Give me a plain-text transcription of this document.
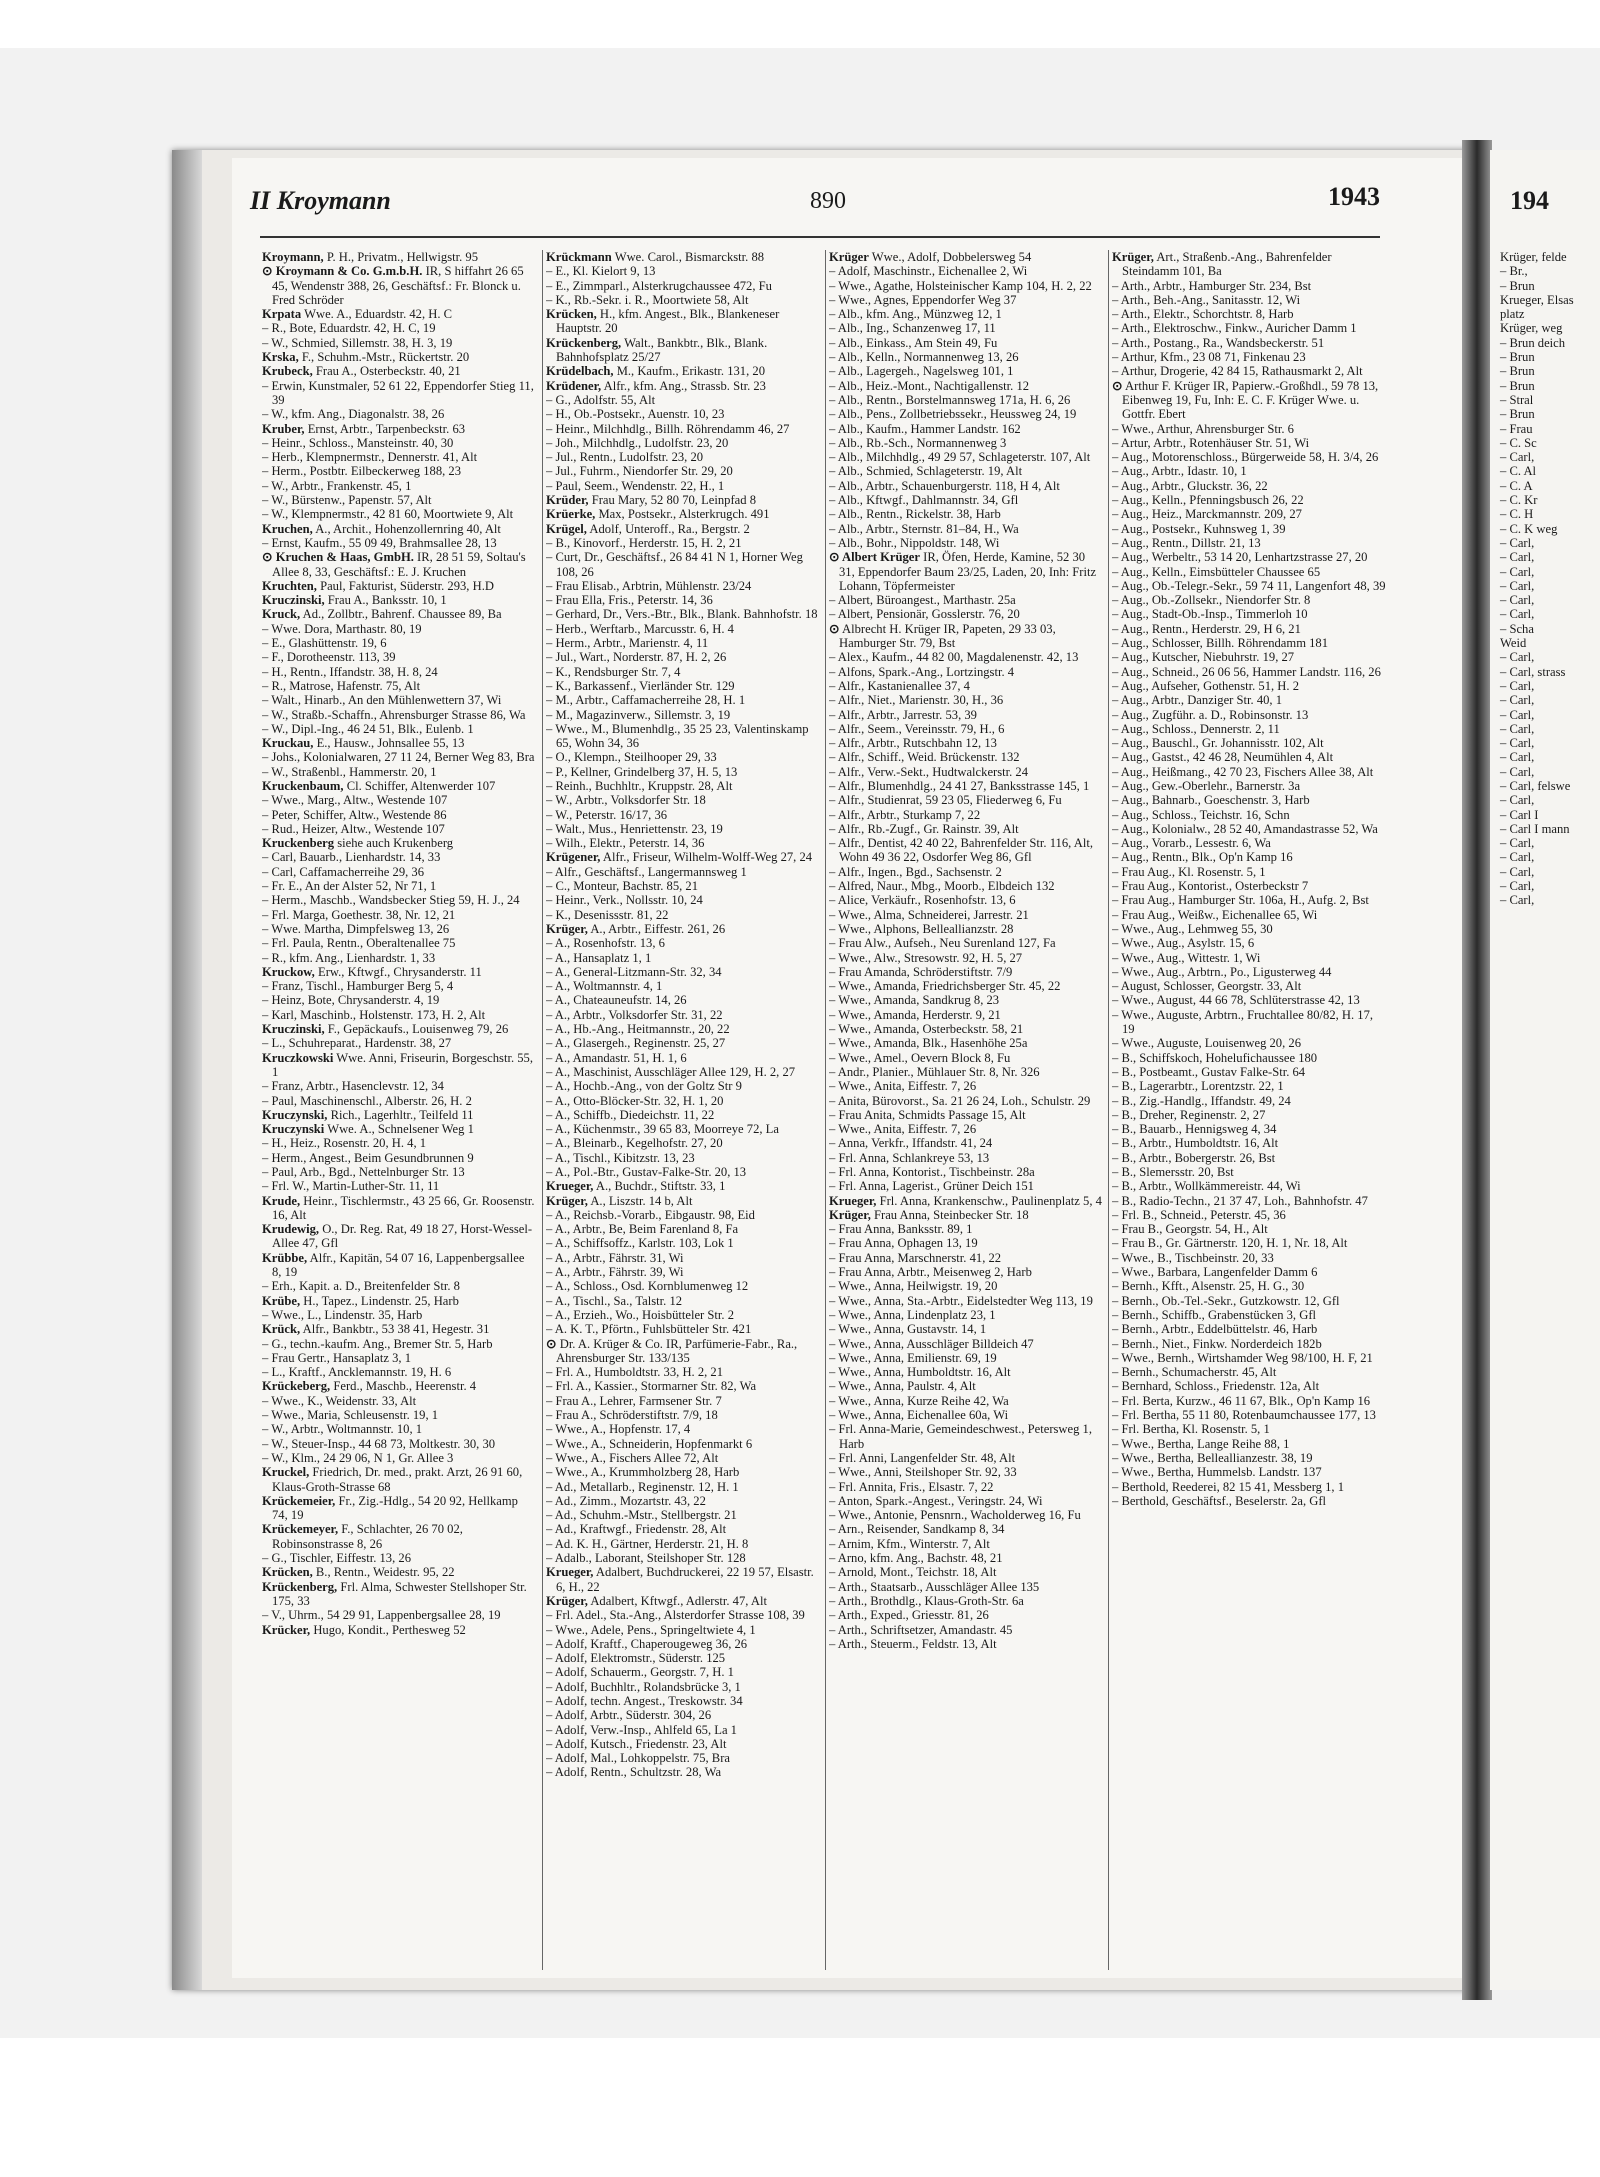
194
Krüger, felde
– Br.,
– Brun
Krueger, Elsas
platz
Krüger, weg
– Brun deich
– Brun
– Brun
– Brun
– Stral
– Brun
– Frau
– C. Sc
– Carl,
– C. Al
– C. A
– C. Kr
– C. H
– C. K weg
– Carl,
– Carl,
– Carl,
– Carl,
– Carl,
– Carl,
– Scha
Weid
– Carl,
– Carl, strass
– Carl,
– Carl,
– Carl,
– Carl,
– Carl,
– Carl,
– Carl,
– Carl, felswe
– Carl,
– Carl I
– Carl I mann
– Carl,
– Carl,
– Carl,
– Carl,
– Carl,
II Kroymann	890	1943

Kroymann, P. H., Privatm., Hellwigstr. 95

⊙ Kroymann & Co. G.m.b.H. IR, S hiffahrt 26 65 45, Wendenstr 388, 26, Geschäftsf.: Fr. Blonck u. Fred Schröder

Krpata Wwe. A., Eduardstr. 42, H. C

– R., Bote, Eduardstr. 42, H. C, 19

– W., Schmied, Sillemstr. 38, H. 3, 19

Krska, F., Schuhm.-Mstr., Rückertstr. 20

Krubeck, Frau A., Osterbeckstr. 40, 21

– Erwin, Kunstmaler, 52 61 22, Eppendorfer Stieg 11, 39

– W., kfm. Ang., Diagonalstr. 38, 26

Kruber, Ernst, Arbtr., Tarpenbeckstr. 63

– Heinr., Schloss., Mansteinstr. 40, 30

– Herb., Klempnermstr., Dennerstr. 41, Alt

– Herm., Postbtr. Eilbeckerweg 188, 23

– W., Arbtr., Frankenstr. 45, 1

– W., Bürstenw., Papenstr. 57, Alt

– W., Klempnermstr., 42 81 60, Moortwiete 9, Alt

Kruchen, A., Archit., Hohenzollernring 40, Alt

– Ernst, Kaufm., 55 09 49, Brahmsallee 28, 13

⊙ Kruchen & Haas, GmbH. IR, 28 51 59, Soltau's Allee 8, 33, Geschäftsf.: E. J. Kruchen

Kruchten, Paul, Fakturist, Süderstr. 293, H.D

Kruczinski, Frau A., Banksstr. 10, 1

Kruck, Ad., Zollbtr., Bahrenf. Chaussee 89, Ba

– Wwe. Dora, Marthastr. 80, 19

– E., Glashüttenstr. 19, 6

– F., Dorotheenstr. 113, 39

– H., Rentn., Iffandstr. 38, H. 8, 24

– R., Matrose, Hafenstr. 75, Alt

– Walt., Hinarb., An den Mühlenwettern 37, Wi

– W., Straßb.-Schaffn., Ahrensburger Strasse 86, Wa

– W., Dipl.-Ing., 46 24 51, Blk., Eulenb. 1

Kruckau, E., Hausw., Johnsallee 55, 13

– Johs., Kolonialwaren, 27 11 24, Berner Weg 83, Bra

– W., Straßenbl., Hammerstr. 20, 1

Kruckenbaum, Cl. Schiffer, Altenwerder 107

– Wwe., Marg., Altw., Westende 107

– Peter, Schiffer, Altw., Westende 86

– Rud., Heizer, Altw., Westende 107

Kruckenberg siehe auch Krukenberg

– Carl, Bauarb., Lienhardstr. 14, 33

– Carl, Caffamacherreihe 29, 36

– Fr. E., An der Alster 52, Nr 71, 1

– Herm., Maschb., Wandsbecker Stieg 59, H. J., 24

– Frl. Marga, Goethestr. 38, Nr. 12, 21

– Wwe. Martha, Dimpfelsweg 13, 26

– Frl. Paula, Rentn., Oberaltenallee 75

– R., kfm. Ang., Lienhardstr. 1, 33

Kruckow, Erw., Kftwgf., Chrysanderstr. 11

– Franz, Tischl., Hamburger Berg 5, 4

– Heinz, Bote, Chrysanderstr. 4, 19

– Karl, Maschinb., Holstenstr. 173, H. 2, Alt

Kruczinski, F., Gepäckaufs., Louisenweg 79, 26

– L., Schuhreparat., Hardenstr. 38, 27

Kruczkowski Wwe. Anni, Friseurin, Borgeschstr. 55, 1

– Franz, Arbtr., Hasenclevstr. 12, 34

– Paul, Maschinenschl., Alberstr. 26, H. 2

Kruczynski, Rich., Lagerhltr., Teilfeld 11

Kruczynski Wwe. A., Schnelsener Weg 1

– H., Heiz., Rosenstr. 20, H. 4, 1

– Herm., Angest., Beim Gesundbrunnen 9

– Paul, Arb., Bgd., Nettelnburger Str. 13

– Frl. W., Martin-Luther-Str. 11, 11

Krude, Heinr., Tischlermstr., 43 25 66, Gr. Roosenstr. 16, Alt

Krudewig, O., Dr. Reg. Rat, 49 18 27, Horst-Wessel-Allee 47, Gfl

Krübbe, Alfr., Kapitän, 54 07 16, Lappenbergsallee 8, 19

– Erh., Kapit. a. D., Breitenfelder Str. 8

Krübe, H., Tapez., Lindenstr. 25, Harb

– Wwe., L., Lindenstr. 35, Harb

Krück, Alfr., Bankbtr., 53 38 41, Hegestr. 31

– G., techn.-kaufm. Ang., Bremer Str. 5, Harb

– Frau Gertr., Hansaplatz 3, 1

– L., Kraftf., Ancklemannstr. 19, H. 6

Krückeberg, Ferd., Maschb., Heerenstr. 4

– Wwe., K., Weidenstr. 33, Alt

– Wwe., Maria, Schleusenstr. 19, 1

– W., Arbtr., Woltmannstr. 10, 1

– W., Steuer-Insp., 44 68 73, Moltkestr. 30, 30

– W., Klm., 24 29 06, N 1, Gr. Allee 3

Kruckel, Friedrich, Dr. med., prakt. Arzt, 26 91 60, Klaus-Groth-Strasse 68

Krückemeier, Fr., Zig.-Hdlg., 54 20 92, Hellkamp 74, 19

Krückemeyer, F., Schlachter, 26 70 02, Robinsonstrasse 8, 26

– G., Tischler, Eiffestr. 13, 26

Krücken, B., Rentn., Weidestr. 95, 22

Krückenberg, Frl. Alma, Schwester Stellshoper Str. 175, 33

– V., Uhrm., 54 29 91, Lappenbergsallee 28, 19

Krücker, Hugo, Kondit., Perthesweg 52

Krückmann Wwe. Carol., Bismarckstr. 88

– E., Kl. Kielort 9, 13

– E., Zimmparl., Alsterkrugchaussee 472, Fu

– K., Rb.-Sekr. i. R., Moortwiete 58, Alt

Krücken, H., kfm. Angest., Blk., Blankeneser Hauptstr. 20

Krückenberg, Walt., Bankbtr., Blk., Blank. Bahnhofsplatz 25/27

Krüdelbach, M., Kaufm., Erikastr. 131, 20

Krüdener, Alfr., kfm. Ang., Strassb. Str. 23

– G., Adolfstr. 55, Alt

– H., Ob.-Postsekr., Auenstr. 10, 23

– Heinr., Milchhdlg., Billh. Röhrendamm 46, 27

– Joh., Milchhdlg., Ludolfstr. 23, 20

– Jul., Rentn., Ludolfstr. 23, 20

– Jul., Fuhrm., Niendorfer Str. 29, 20

– Paul, Seem., Wendenstr. 22, H., 1

Krüder, Frau Mary, 52 80 70, Leinpfad 8

Krüerke, Max, Postsekr., Alsterkrugch. 491

Krügel, Adolf, Unteroff., Ra., Bergstr. 2

– B., Kinovorf., Herderstr. 15, H. 2, 21

– Curt, Dr., Geschäftsf., 26 84 41 N 1, Horner Weg 108, 26

– Frau Elisab., Arbtrin, Mühlenstr. 23/24

– Frau Ella, Fris., Peterstr. 14, 36

– Gerhard, Dr., Vers.-Btr., Blk., Blank. Bahnhofstr. 18

– Herb., Werftarb., Marcusstr. 6, H. 4

– Herm., Arbtr., Marienstr. 4, 11

– Jul., Wart., Norderstr. 87, H. 2, 26

– K., Rendsburger Str. 7, 4

– K., Barkassenf., Vierländer Str. 129

– M., Arbtr., Caffamacherreihe 28, H. 1

– M., Magazinverw., Sillemstr. 3, 19

– Wwe., M., Blumenhdlg., 35 25 23, Valentinskamp 65, Wohn 34, 36

– O., Klempn., Steilhooper 29, 33

– P., Kellner, Grindelberg 37, H. 5, 13

– Reinh., Buchhltr., Kruppstr. 28, Alt

– W., Arbtr., Volksdorfer Str. 18

– W., Peterstr. 16/17, 36

– Walt., Mus., Henriettenstr. 23, 19

– Wilh., Elektr., Peterstr. 14, 36

Krügener, Alfr., Friseur, Wilhelm-Wolff-Weg 27, 24

– Alfr., Geschäftsf., Langermannsweg 1

– C., Monteur, Bachstr. 85, 21

– Heinr., Verk., Nollsstr. 10, 24

– K., Desenissstr. 81, 22

Krüger, A., Arbtr., Eiffestr. 261, 26

– A., Rosenhofstr. 13, 6

– A., Hansaplatz 1, 1

– A., General-Litzmann-Str. 32, 34

– A., Woltmannstr. 4, 1

– A., Chateauneufstr. 14, 26

– A., Arbtr., Volksdorfer Str. 31, 22

– A., Hb.-Ang., Heitmannstr., 20, 22

– A., Glasergeh., Reginenstr. 25, 27

– A., Amandastr. 51, H. 1, 6

– A., Maschinist, Ausschläger Allee 129, H. 2, 27

– A., Hochb.-Ang., von der Goltz Str 9

– A., Otto-Blöcker-Str. 32, H. 1, 20

– A., Schiffb., Diedeichstr. 11, 22

– A., Küchenmstr., 39 65 83, Moorreye 72, La

– A., Bleinarb., Kegelhofstr. 27, 20

– A., Tischl., Kibitzstr. 13, 23

– A., Pol.-Btr., Gustav-Falke-Str. 20, 13

Krueger, A., Buchdr., Stiftstr. 33, 1

Krüger, A., Liszstr. 14 b, Alt

– A., Reichsb.-Vorarb., Eibgaustr. 98, Eid

– A., Arbtr., Be, Beim Farenland 8, Fa

– A., Schiffsoffz., Karlstr. 103, Lok 1

– A., Arbtr., Fährstr. 31, Wi

– A., Arbtr., Fährstr. 39, Wi

– A., Schloss., Osd. Kornblumenweg 12

– A., Tischl., Sa., Talstr. 12

– A., Erzieh., Wo., Hoisbütteler Str. 2

– A. K. T., Pförtn., Fuhlsbütteler Str. 421

⊙ Dr. A. Krüger & Co. IR, Parfümerie-Fabr., Ra., Ahrensburger Str. 133/135

– Frl. A., Humboldtstr. 33, H. 2, 21

– Frl. A., Kassier., Stormarner Str. 82, Wa

– Frau A., Lehrer, Farmsener Str. 7

– Frau A., Schröderstiftstr. 7/9, 18

– Wwe., A., Hopfenstr. 17, 4

– Wwe., A., Schneiderin, Hopfenmarkt 6

– Wwe., A., Fischers Allee 72, Alt

– Wwe., A., Krummholzberg 28, Harb

– Ad., Metallarb., Reginenstr. 12, H. 1

– Ad., Zimm., Mozartstr. 43, 22

– Ad., Schuhm.-Mstr., Stellbergstr. 21

– Ad., Kraftwgf., Friedenstr. 28, Alt

– Ad. K. H., Gärtner, Herderstr. 21, H. 8

– Adalb., Laborant, Steilshoper Str. 128

Krueger, Adalbert, Buchdruckerei, 22 19 57, Elsastr. 6, H., 22

Krüger, Adalbert, Kftwgf., Adlerstr. 47, Alt

– Frl. Adel., Sta.-Ang., Alsterdorfer Strasse 108, 39

– Wwe., Adele, Pens., Springeltwiete 4, 1

– Adolf, Kraftf., Chaperougeweg 36, 26

– Adolf, Elektromstr., Süderstr. 125

– Adolf, Schauerm., Georgstr. 7, H. 1

– Adolf, Buchhltr., Rolandsbrücke 3, 1

– Adolf, techn. Angest., Treskowstr. 34

– Adolf, Arbtr., Süderstr. 304, 26

– Adolf, Verw.-Insp., Ahlfeld 65, La 1

– Adolf, Kutsch., Friedenstr. 23, Alt

– Adolf, Mal., Lohkoppelstr. 75, Bra

– Adolf, Rentn., Schultzstr. 28, Wa

Krüger Wwe., Adolf, Dobbelersweg 54

– Adolf, Maschinstr., Eichenallee 2, Wi

– Wwe., Agathe, Holsteinischer Kamp 104, H. 2, 22

– Wwe., Agnes, Eppendorfer Weg 37

– Alb., kfm. Ang., Münzweg 12, 1

– Alb., Ing., Schanzenweg 17, 11

– Alb., Einkass., Am Stein 49, Fu

– Alb., Kelln., Normannenweg 13, 26

– Alb., Lagergeh., Nagelsweg 101, 1

– Alb., Heiz.-Mont., Nachtigallenstr. 12

– Alb., Rentn., Borstelmannsweg 171a, H. 6, 26

– Alb., Pens., Zollbetriebssekr., Heussweg 24, 19

– Alb., Kaufm., Hammer Landstr. 162

– Alb., Rb.-Sch., Normannenweg 3

– Alb., Milchhdlg., 49 29 57, Schlageterstr. 107, Alt

– Alb., Schmied, Schlageterstr. 19, Alt

– Alb., Arbtr., Schauenburgerstr. 118, H 4, Alt

– Alb., Kftwgf., Dahlmannstr. 34, Gfl

– Alb., Rentn., Rickelstr. 38, Harb

– Alb., Arbtr., Sternstr. 81–84, H., Wa

– Alb., Bohr., Nippoldstr. 148, Wi

⊙ Albert Krüger IR, Öfen, Herde, Kamine, 52 30 31, Eppendorfer Baum 23/25, Laden, 20, Inh: Fritz Lohann, Töpfermeister

– Albert, Büroangest., Marthastr. 25a

– Albert, Pensionär, Gosslerstr. 76, 20

⊙ Albrecht H. Krüger IR, Papeten, 29 33 03, Hamburger Str. 79, Bst

– Alex., Kaufm., 44 82 00, Magdalenenstr. 42, 13

– Alfons, Spark.-Ang., Lortzingstr. 4

– Alfr., Kastanienallee 37, 4

– Alfr., Niet., Marienstr. 30, H., 36

– Alfr., Arbtr., Jarrestr. 53, 39

– Alfr., Seem., Vereinsstr. 79, H., 6

– Alfr., Arbtr., Rutschbahn 12, 13

– Alfr., Schiff., Weid. Brückenstr. 132

– Alfr., Verw.-Sekt., Hudtwalckerstr. 24

– Alfr., Blumenhdlg., 24 41 27, Banksstrasse 145, 1

– Alfr., Studienrat, 59 23 05, Fliederweg 6, Fu

– Alfr., Arbtr., Sturkamp 7, 22

– Alfr., Rb.-Zugf., Gr. Rainstr. 39, Alt

– Alfr., Dentist, 42 40 22, Bahrenfelder Str. 116, Alt, Wohn 49 36 22, Osdorfer Weg 86, Gfl

– Alfr., Ingen., Bgd., Sachsenstr. 2

– Alfred, Naur., Mbg., Moorb., Elbdeich 132

– Alice, Verkäufr., Rosenhofstr. 13, 6

– Wwe., Alma, Schneiderei, Jarrestr. 21

– Wwe., Alphons, Belleallianzstr. 28

– Frau Alw., Aufseh., Neu Surenland 127, Fa

– Wwe., Alw., Stresowstr. 92, H. 5, 27

– Frau Amanda, Schröderstiftstr. 7/9

– Wwe., Amanda, Friedrichsberger Str. 45, 22

– Wwe., Amanda, Sandkrug 8, 23

– Wwe., Amanda, Herderstr. 9, 21

– Wwe., Amanda, Osterbeckstr. 58, 21

– Wwe., Amanda, Blk., Hasenhöhe 25a

– Wwe., Amel., Oevern Block 8, Fu

– Andr., Planier., Mühlauer Str. 8, Nr. 326

– Wwe., Anita, Eiffestr. 7, 26

– Anita, Bürovorst., Sa. 21 26 24, Loh., Schulstr. 29

– Frau Anita, Schmidts Passage 15, Alt

– Wwe., Anita, Eiffestr. 7, 26

– Anna, Verkfr., Iffandstr. 41, 24

– Frl. Anna, Schlankreye 53, 13

– Frl. Anna, Kontorist., Tischbeinstr. 28a

– Frl. Anna, Lagerist., Grüner Deich 151

Krueger, Frl. Anna, Krankenschw., Paulinenplatz 5, 4

Krüger, Frau Anna, Steinbecker Str. 18

– Frau Anna, Banksstr. 89, 1

– Frau Anna, Ophagen 13, 19

– Frau Anna, Marschnerstr. 41, 22

– Frau Anna, Arbtr., Meisenweg 2, Harb

– Wwe., Anna, Heilwigstr. 19, 20

– Wwe., Anna, Sta.-Arbtr., Eidelstedter Weg 113, 19

– Wwe., Anna, Lindenplatz 23, 1

– Wwe., Anna, Gustavstr. 14, 1

– Wwe., Anna, Ausschläger Billdeich 47

– Wwe., Anna, Emilienstr. 69, 19

– Wwe., Anna, Humboldtstr. 16, Alt

– Wwe., Anna, Paulstr. 4, Alt

– Wwe., Anna, Kurze Reihe 42, Wa

– Wwe., Anna, Eichenallee 60a, Wi

– Frl. Anna-Marie, Gemeindeschwest., Petersweg 1, Harb

– Frl. Anni, Langenfelder Str. 48, Alt

– Wwe., Anni, Steilshoper Str. 92, 33

– Frl. Annita, Fris., Elsastr. 7, 22

– Anton, Spark.-Angest., Veringstr. 24, Wi

– Wwe., Antonie, Pensnrn., Wacholderweg 16, Fu

– Arn., Reisender, Sandkamp 8, 34

– Arnim, Kfm., Winterstr. 7, Alt

– Arno, kfm. Ang., Bachstr. 48, 21

– Arnold, Mont., Teichstr. 18, Alt

– Arth., Staatsarb., Ausschläger Allee 135

– Arth., Brothdlg., Klaus-Groth-Str. 6a

– Arth., Exped., Griesstr. 81, 26

– Arth., Schriftsetzer, Amandastr. 45

– Arth., Steuerm., Feldstr. 13, Alt

Krüger, Art., Straßenb.-Ang., Bahrenfelder Steindamm 101, Ba

– Arth., Arbtr., Hamburger Str. 234, Bst

– Arth., Beh.-Ang., Sanitasstr. 12, Wi

– Arth., Elektr., Schorchtstr. 8, Harb

– Arth., Elektroschw., Finkw., Auricher Damm 1

– Arth., Postang., Ra., Wandsbeckerstr. 51

– Arthur, Kfm., 23 08 71, Finkenau 23

– Arthur, Drogerie, 42 84 15, Rathausmarkt 2, Alt

⊙ Arthur F. Krüger IR, Papierw.-Großhdl., 59 78 13, Eibenweg 19, Fu, Inh: E. C. F. Krüger Wwe. u. Gottfr. Ebert

– Wwe., Arthur, Ahrensburger Str. 6

– Artur, Arbtr., Rotenhäuser Str. 51, Wi

– Aug., Motorenschloss., Bürgerweide 58, H. 3/4, 26

– Aug., Arbtr., Idastr. 10, 1

– Aug., Arbtr., Gluckstr. 36, 22

– Aug., Kelln., Pfenningsbusch 26, 22

– Aug., Heiz., Marckmannstr. 209, 27

– Aug., Postsekr., Kuhnsweg 1, 39

– Aug., Rentn., Dillstr. 21, 13

– Aug., Werbeltr., 53 14 20, Lenhartzstrasse 27, 20

– Aug., Kelln., Eimsbütteler Chaussee 65

– Aug., Ob.-Telegr.-Sekr., 59 74 11, Langenfort 48, 39

– Aug., Ob.-Zollsekr., Niendorfer Str. 8

– Aug., Stadt-Ob.-Insp., Timmerloh 10

– Aug., Rentn., Herderstr. 29, H 6, 21

– Aug., Schlosser, Billh. Röhrendamm 181

– Aug., Kutscher, Niebuhrstr. 19, 27

– Aug., Schneid., 26 06 56, Hammer Landstr. 116, 26

– Aug., Aufseher, Gothenstr. 51, H. 2

– Aug., Arbtr., Danziger Str. 40, 1

– Aug., Zugführ. a. D., Robinsonstr. 13

– Aug., Schloss., Dennerstr. 2, 11

– Aug., Bauschl., Gr. Johannisstr. 102, Alt

– Aug., Gastst., 42 46 28, Neumühlen 4, Alt

– Aug., Heißmang., 42 70 23, Fischers Allee 38, Alt

– Aug., Gew.-Oberlehr., Barnerstr. 3a

– Aug., Bahnarb., Goeschenstr. 3, Harb

– Aug., Schloss., Teichstr. 16, Schn

– Aug., Kolonialw., 28 52 40, Amandastrasse 52, Wa

– Aug., Vorarb., Lessestr. 6, Wa

– Aug., Rentn., Blk., Op'n Kamp 16

– Frau Aug., Kl. Rosenstr. 5, 1

– Frau Aug., Kontorist., Osterbeckstr 7

– Frau Aug., Hamburger Str. 106a, H., Aufg. 2, Bst

– Frau Aug., Weißw., Eichenallee 65, Wi

– Wwe., Aug., Lehmweg 55, 30

– Wwe., Aug., Asylstr. 15, 6

– Wwe., Aug., Wittestr. 1, Wi

– Wwe., Aug., Arbtrn., Po., Ligusterweg 44

– August, Schlosser, Georgstr. 33, Alt

– Wwe., August, 44 66 78, Schlüterstrasse 42, 13

– Wwe., Auguste, Arbtrn., Fruchtallee 80/82, H. 17, 19

– Wwe., Auguste, Louisenweg 20, 26

– B., Schiffskoch, Hohelufichaussee 180

– B., Postbeamt., Gustav Falke-Str. 64

– B., Lagerarbtr., Lorentzstr. 22, 1

– B., Zig.-Handlg., Iffandstr. 49, 24

– B., Dreher, Reginenstr. 2, 27

– B., Bauarb., Hennigsweg 4, 34

– B., Arbtr., Humboldtstr. 16, Alt

– B., Arbtr., Bobergerstr. 26, Bst

– B., Slemersstr. 20, Bst

– B., Arbtr., Wollkämmereistr. 44, Wi

– B., Radio-Techn., 21 37 47, Loh., Bahnhofstr. 47

– Frl. B., Schneid., Peterstr. 45, 36

– Frau B., Georgstr. 54, H., Alt

– Frau B., Gr. Gärtnerstr. 120, H. 1, Nr. 18, Alt

– Wwe., B., Tischbeinstr. 20, 33

– Wwe., Barbara, Langenfelder Damm 6

– Bernh., Kfft., Alsenstr. 25, H. G., 30

– Bernh., Ob.-Tel.-Sekr., Gutzkowstr. 12, Gfl

– Bernh., Schiffb., Grabenstücken 3, Gfl

– Bernh., Arbtr., Eddelbüttelstr. 46, Harb

– Bernh., Niet., Finkw. Norderdeich 182b

– Wwe., Bernh., Wirtshamder Weg 98/100, H. F, 21

– Bernh., Schumacherstr. 45, Alt

– Bernhard, Schloss., Friedenstr. 12a, Alt

– Frl. Berta, Kurzw., 46 11 67, Blk., Op'n Kamp 16

– Frl. Bertha, 55 11 80, Rotenbaumchaussee 177, 13

– Frl. Bertha, Kl. Rosenstr. 5, 1

– Wwe., Bertha, Lange Reihe 88, 1

– Wwe., Bertha, Belleallianzestr. 38, 19

– Wwe., Bertha, Hummelsb. Landstr. 137

– Berthold, Reederei, 82 15 41, Messberg 1, 1

– Berthold, Geschäftsf., Beselerstr. 2a, Gfl
